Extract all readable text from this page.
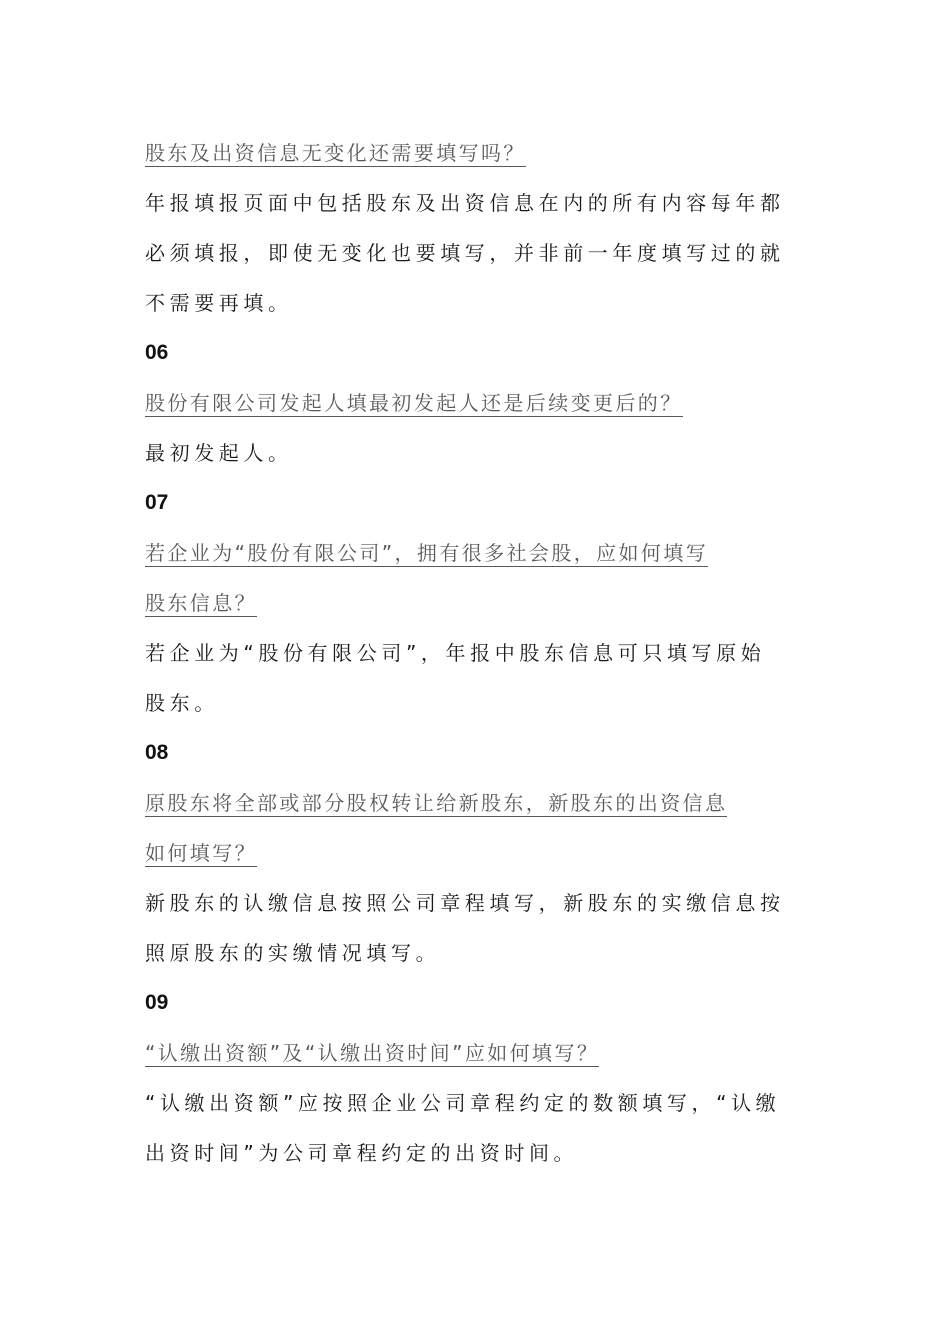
股东及出资信息无变化还需要填写吗？
年报填报页面中包括股东及出资信息在内的所有内容每年都
必须填报，即使无变化也要填写，并非前一年度填写过的就
不需要再填。
06
股份有限公司发起人填最初发起人还是后续变更后的？
最初发起人。
07
若企业为“股份有限公司”，拥有很多社会股，应如何填写
股东信息？
若企业为“股份有限公司”，年报中股东信息可只填写原始
股东。
08
原股东将全部或部分股权转让给新股东，新股东的出资信息
如何填写？
新股东的认缴信息按照公司章程填写，新股东的实缴信息按
照原股东的实缴情况填写。
09
“认缴出资额”及“认缴出资时间”应如何填写？
“认缴出资额”应按照企业公司章程约定的数额填写，“认缴
出资时间”为公司章程约定的出资时间。
